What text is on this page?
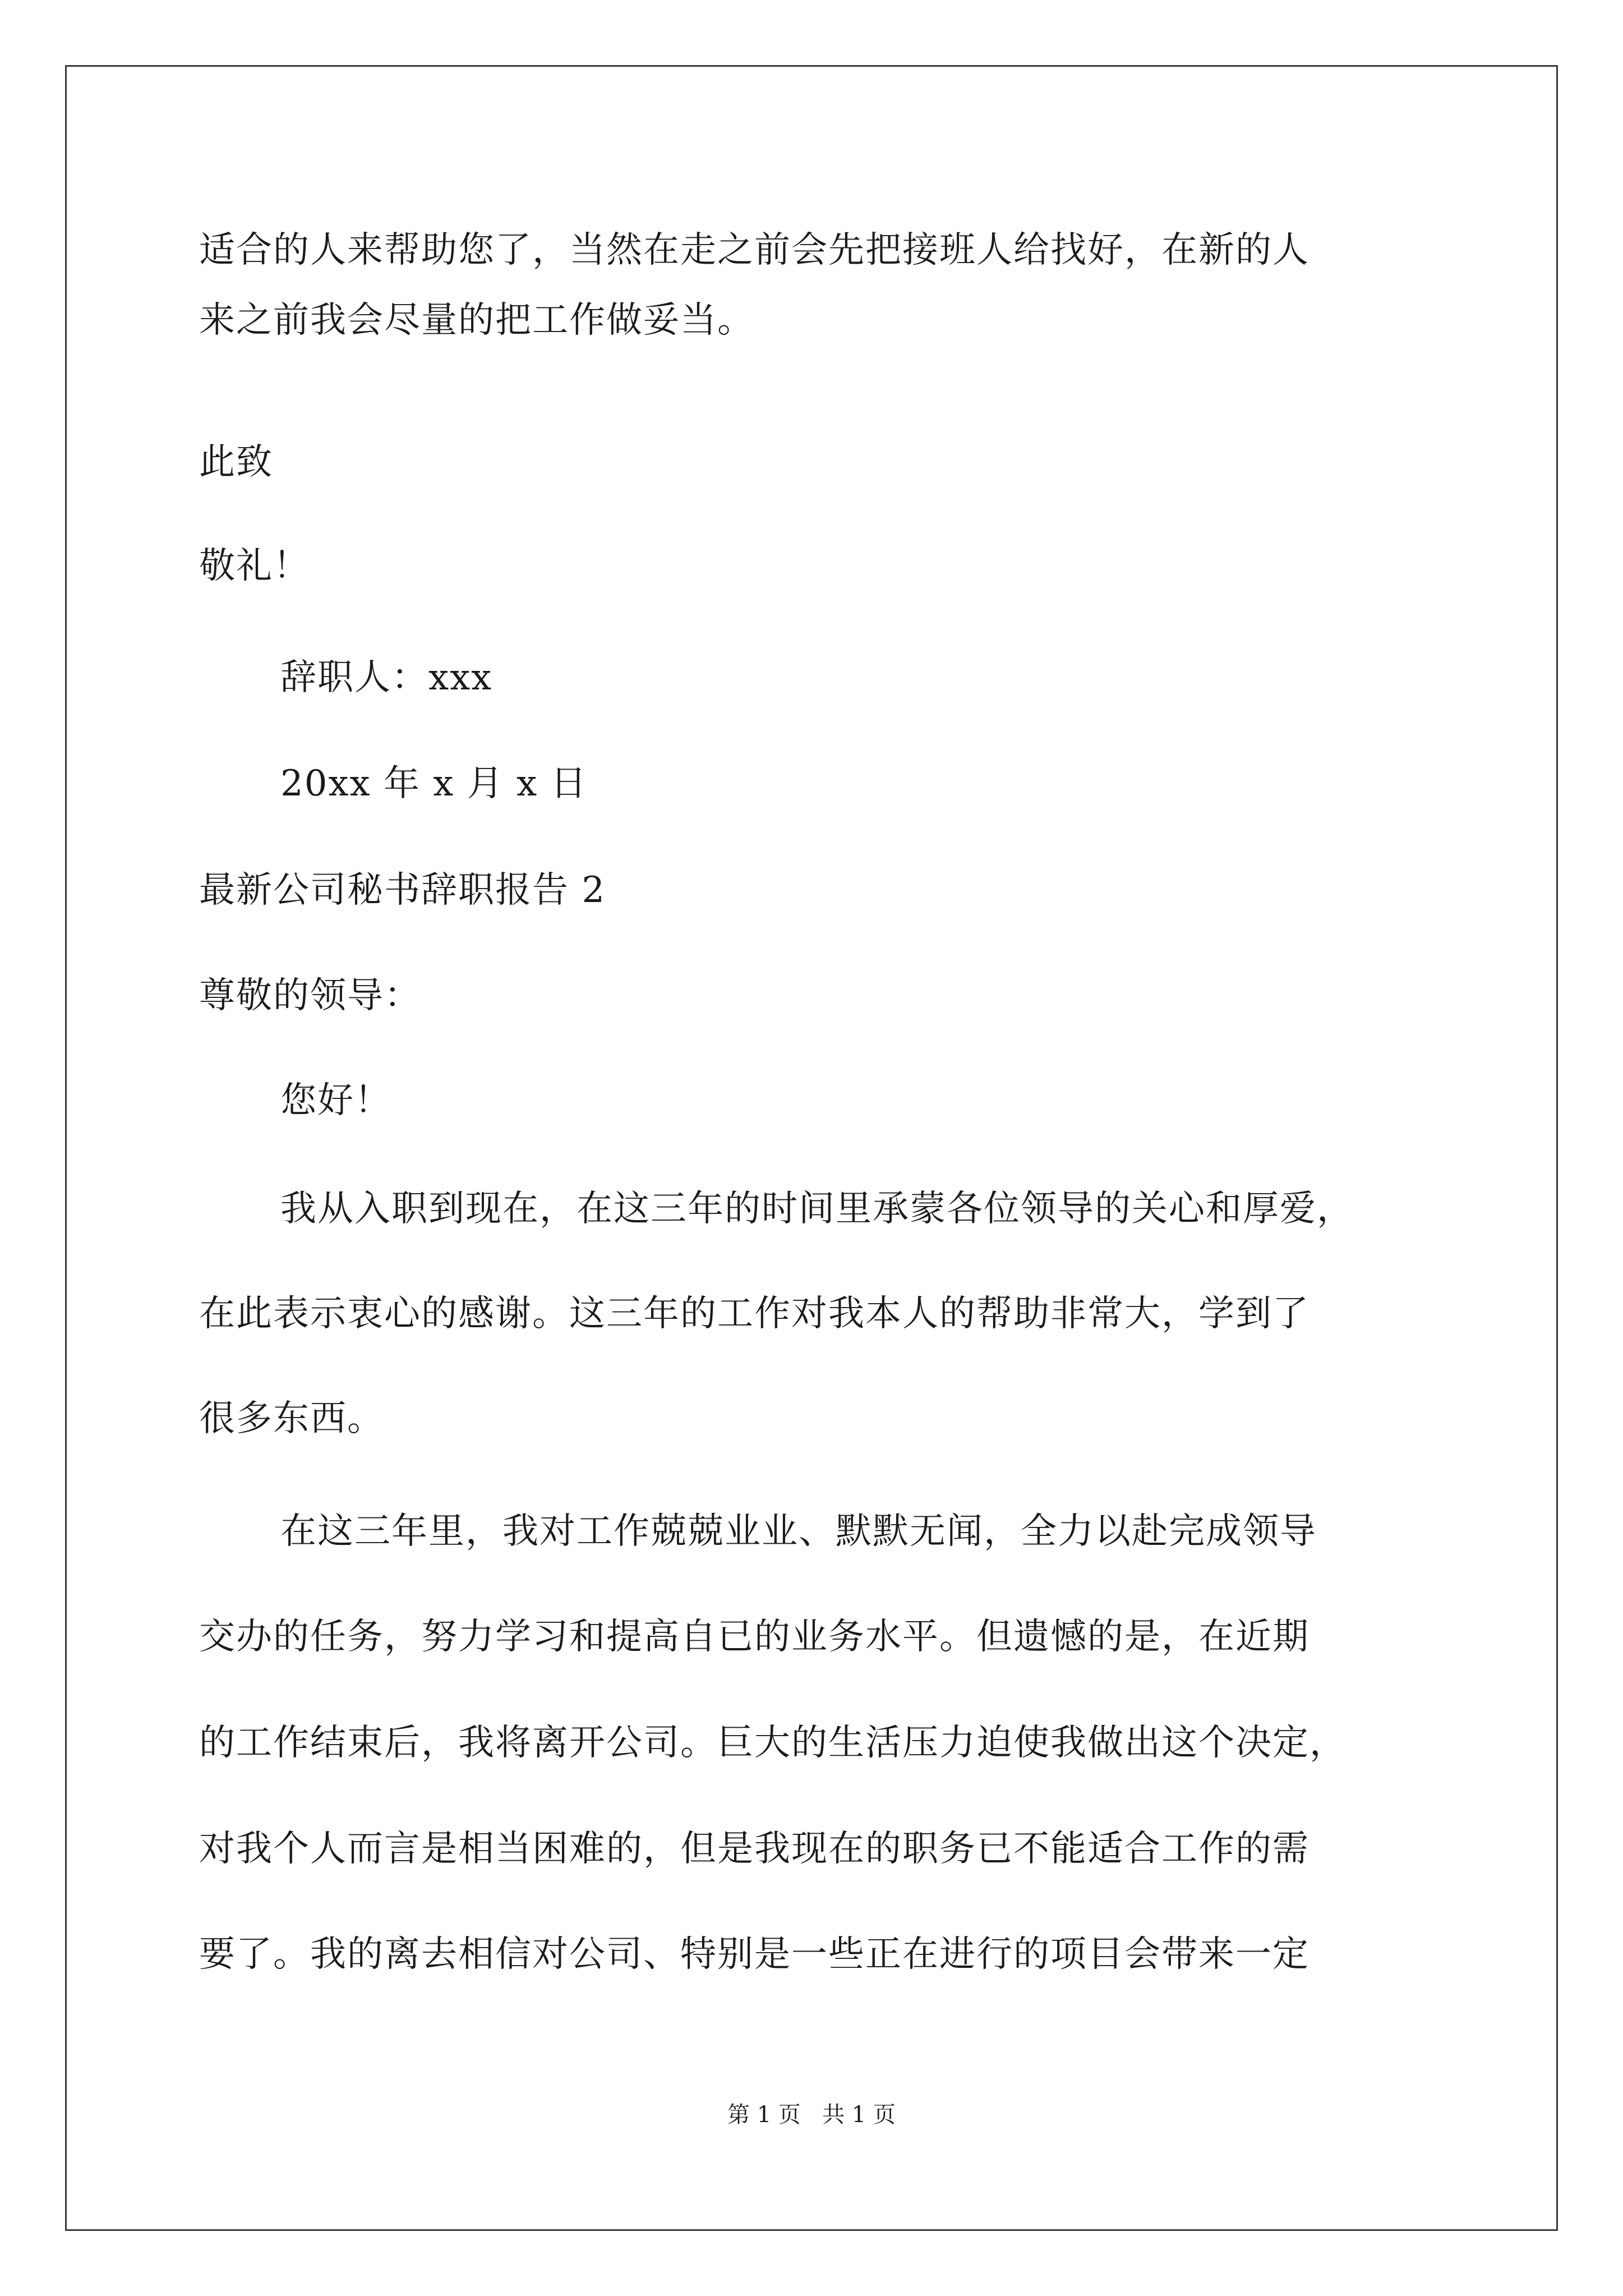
适合的人来帮助您了，当然在走之前会先把接班人给找好，在新的人
来之前我会尽量的把工作做妥当。
此致
敬礼！
辞职人：xxx
20xx 年 x 月 x 日
最新公司秘书辞职报告 2
尊敬的领导：
您好！
我从入职到现在，在这三年的时间里承蒙各位领导的关心和厚爱，
在此表示衷心的感谢。这三年的工作对我本人的帮助非常大，学到了
很多东西。
在这三年里，我对工作兢兢业业、默默无闻，全力以赴完成领导
交办的任务，努力学习和提高自已的业务水平。但遗憾的是，在近期
的工作结束后，我将离开公司。巨大的生活压力迫使我做出这个决定，
对我个人而言是相当困难的，但是我现在的职务已不能适合工作的需
要了。我的离去相信对公司、特别是一些正在进行的项目会带来一定
第 1 页   共 1 页
